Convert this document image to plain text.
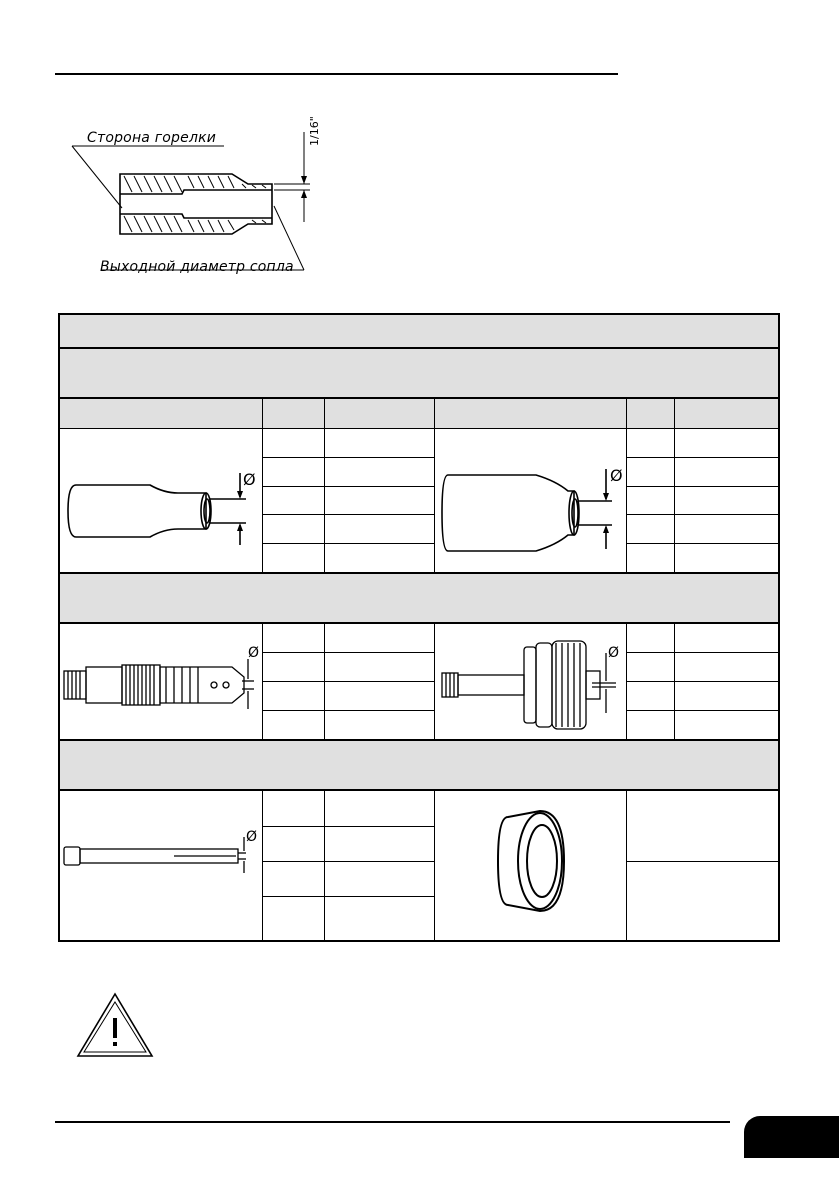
Сторона горелки
Выходной диаметр сопла
1/16"
Ø	Ø
Ø	Ø
Ø
